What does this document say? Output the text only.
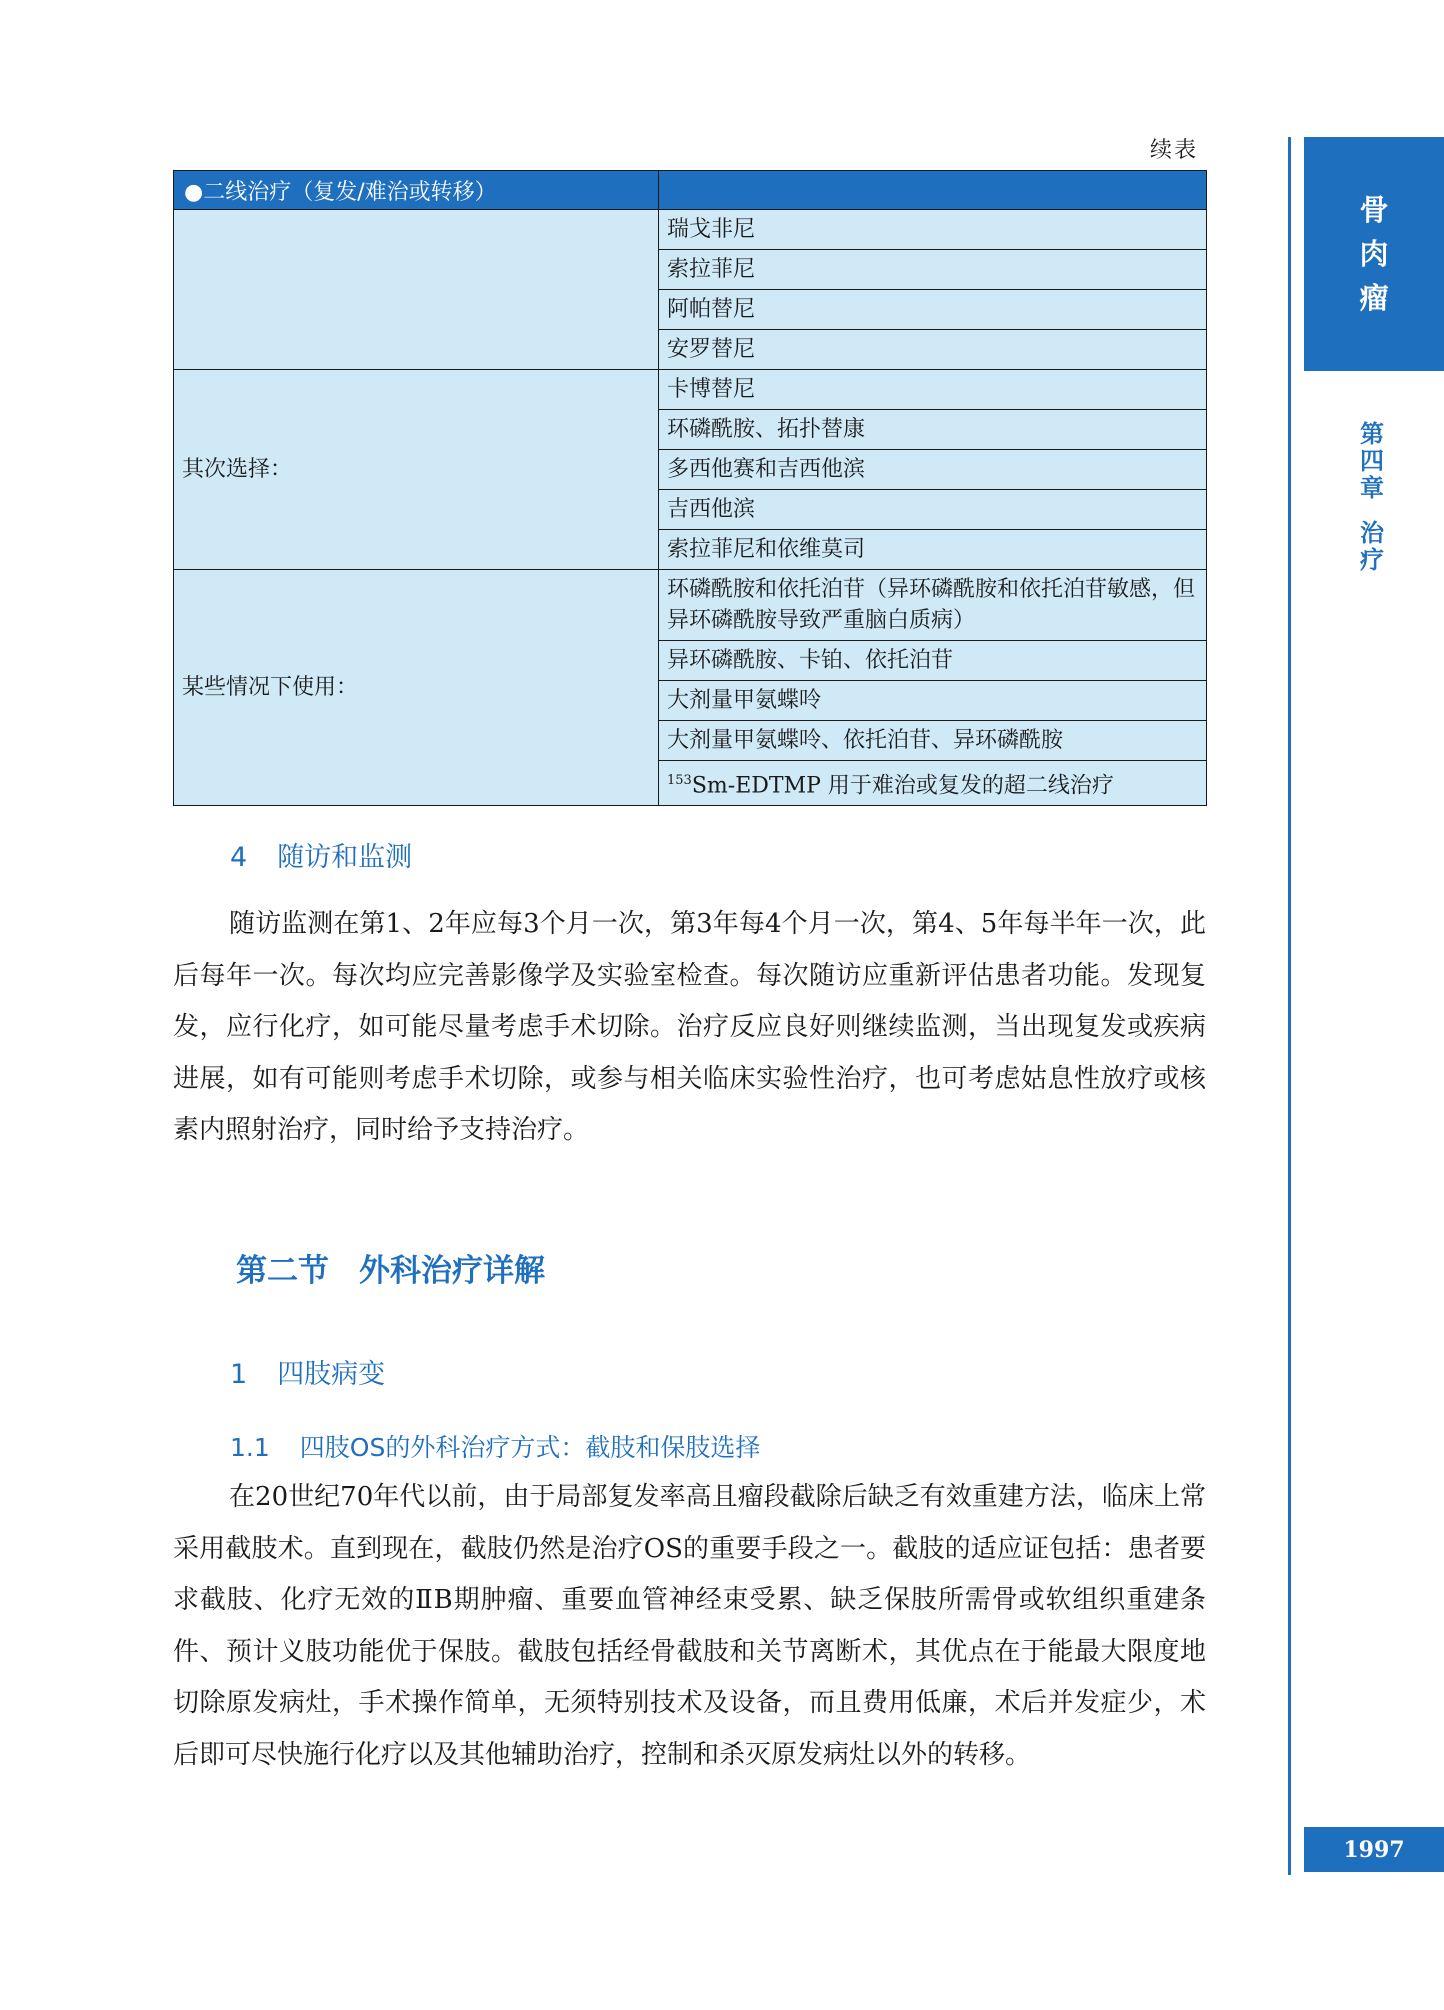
续表
●二线治疗（复发/难治或转移）	
	瑞戈非尼
	索拉菲尼
	阿帕替尼
	安罗替尼
其次选择：	卡博替尼
	环磷酰胺、拓扑替康
	多西他赛和吉西他滨
	吉西他滨
	索拉菲尼和依维莫司
某些情况下使用：	环磷酰胺和依托泊苷（异环磷酰胺和依托泊苷敏感，但异环磷酰胺导致严重脑白质病）
	异环磷酰胺、卡铂、依托泊苷
	大剂量甲氨蝶呤
	大剂量甲氨蝶呤、依托泊苷、异环磷酰胺
	$^{153}$Sm-EDTMP 用于难治或复发的超二线治疗
4 随访和监测

随访监测在第1、2年应每3个月一次，第3年每4个月一次，第4、5年每半年一次，此后每年一次。每次均应完善影像学及实验室检查。每次随访应重新评估患者功能。发现复发，应行化疗，如可能尽量考虑手术切除。治疗反应良好则继续监测，当出现复发或疾病进展，如有可能则考虑手术切除，或参与相关临床实验性治疗，也可考虑姑息性放疗或核素内照射治疗，同时给予支持治疗。

第二节 外科治疗详解
1 四肢病变
1.1 四肢OS的外科治疗方式：截肢和保肢选择

在20世纪70年代以前，由于局部复发率高且瘤段截除后缺乏有效重建方法，临床上常采用截肢术。直到现在，截肢仍然是治疗OS的重要手段之一。截肢的适应证包括：患者要求截肢、化疗无效的ⅡB期肿瘤、重要血管神经束受累、缺乏保肢所需骨或软组织重建条件、预计义肢功能优于保肢。截肢包括经骨截肢和关节离断术，其优点在于能最大限度地切除原发病灶，手术操作简单，无须特别技术及设备，而且费用低廉，术后并发症少，术后即可尽快施行化疗以及其他辅助治疗，控制和杀灭原发病灶以外的转移。

骨
肉
瘤
第
四
章
治
疗
1997
